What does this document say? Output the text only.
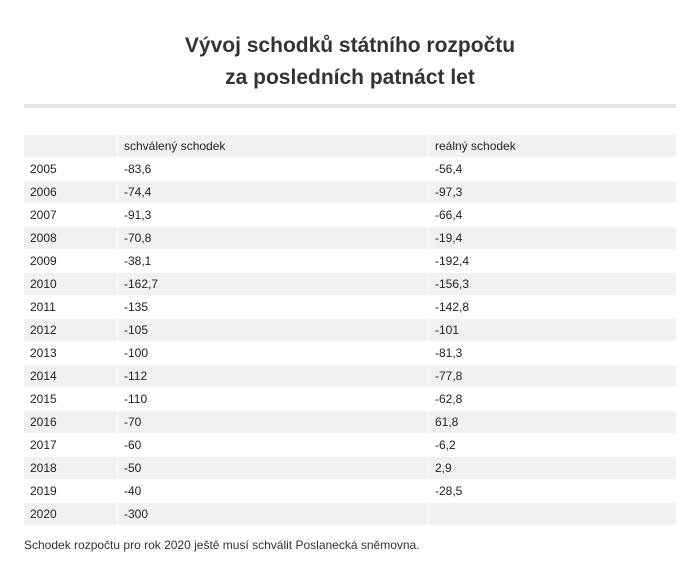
Vývoj schodků státního rozpočtu
za posledních patnáct let
	schválený schodek	reálný schodek
2005	-83,6	-56,4
2006	-74,4	-97,3
2007	-91,3	-66,4
2008	-70,8	-19,4
2009	-38,1	-192,4
2010	-162,7	-156,3
2011	-135	-142,8
2012	-105	-101
2013	-100	-81,3
2014	-112	-77,8
2015	-110	-62,8
2016	-70	61,8
2017	-60	-6,2
2018	-50	2,9
2019	-40	-28,5
2020	-300	
Schodek rozpočtu pro rok 2020 ještě musí schválit Poslanecká sněmovna.
